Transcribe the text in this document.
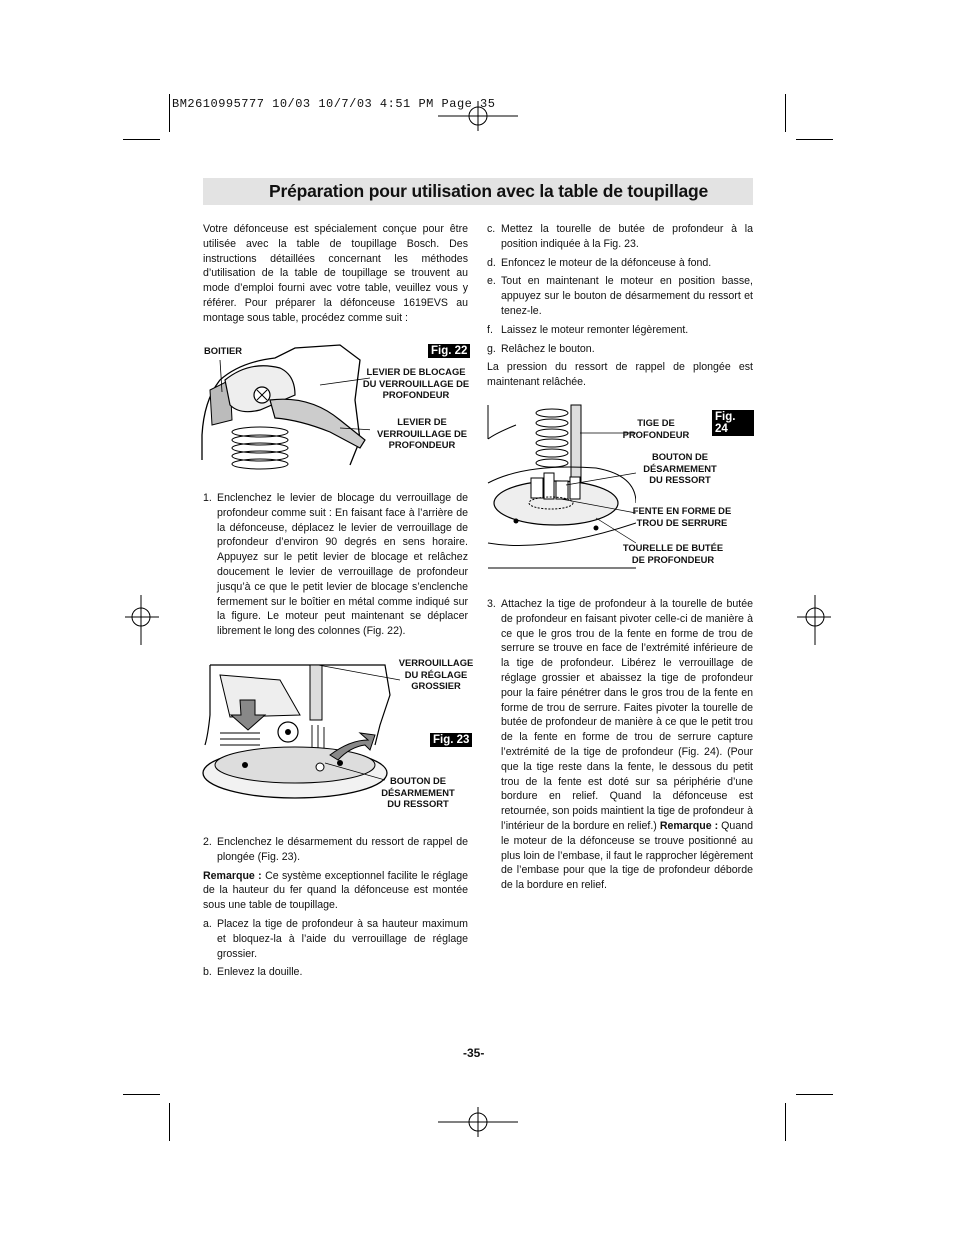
BM2610995777 10/03 10/7/03 4:51 PM Page 35
Préparation pour utilisation avec la table de toupillage

Votre défonceuse est spécialement conçue pour être utilisée avec la table de toupillage Bosch. Des instructions détaillées concernant les méthodes d’utilisation de la table de toupillage se trouvent au mode d’emploi fourni avec votre table, veuillez vous y référer. Pour préparer la défonceuse 1619EVS au montage sous table, procédez comme suit :

BOITIER
LEVIER DE BLOCAGE
DU VERROUILLAGE DE
PROFONDEUR
LEVIER DE
VERROUILLAGE DE
PROFONDEUR
Fig. 22
1. Enclenchez le levier de blocage du verrouillage de profondeur comme suit : En faisant face à l’arrière de la défonceuse, déplacez le levier de verrouillage de profondeur d’environ 90 degrés en sens horaire. Appuyez sur le petit levier de blocage et relâchez doucement le levier de verrouillage de profondeur jusqu’à ce que le petit levier de blocage s’enclenche fermement sur le boîtier en métal comme indiqué sur la figure. Le moteur peut maintenant se déplacer librement le long des colonnes (Fig. 22).
VERROUILLAGE
DU RÉGLAGE
GROSSIER
Fig. 23
BOUTON DE
DÉSARMEMENT
DU RESSORT
2. Enclenchez le désarmement du ressort de rappel de plongée (Fig. 23).

Remarque : Ce système exceptionnel facilite le réglage de la hauteur du fer quand la défonceuse est montée sous une table de toupillage.

a. Placez la tige de profondeur à sa hauteur maximum et bloquez-la à l’aide du verrouillage de réglage grossier.
b. Enlevez la douille.
c. Mettez la tourelle de butée de profondeur à la position indiquée à la Fig. 23.
d. Enfoncez le moteur de la défonceuse à fond.
e. Tout en maintenant le moteur en position basse, appuyez sur le bouton de désarmement du ressort et tenez-le.
f. Laissez le moteur remonter légèrement.
g. Relâchez le bouton.

La pression du ressort de rappel de plongée est maintenant relâchée.

TIGE DE
PROFONDEUR
Fig. 24
BOUTON DE
DÉSARMEMENT
DU RESSORT
FENTE EN FORME DE
TROU DE SERRURE
TOURELLE DE BUTÉE
DE PROFONDEUR
3. Attachez la tige de profondeur à la tourelle de butée de profondeur en faisant pivoter celle-ci de manière à ce que le gros trou de la fente en forme de trou de serrure se trouve en face de l’extrémité inférieure de la tige de profondeur. Libérez le verrouillage de réglage grossier et abaissez la tige de profondeur pour la faire pénétrer dans le gros trou de la fente en forme de trou de serrure. Faites pivoter la tourelle de butée de profondeur de manière à ce que le petit trou de la fente en forme de trou de serrure capture l’extrémité de la tige de profondeur (Fig. 24). (Pour que la tige reste dans la fente, le dessous du petit trou de la fente est doté sur sa périphérie d’une bordure en relief. Quand la défonceuse est retournée, son poids maintient la tige de profondeur à l’intérieur de la bordure en relief.) Remarque : Quand le moteur de la défonceuse se trouve positionné au plus loin de l’embase, il faut le rapprocher légèrement de l’embase pour que la tige de profondeur déborde de la bordure en relief.
-35-
